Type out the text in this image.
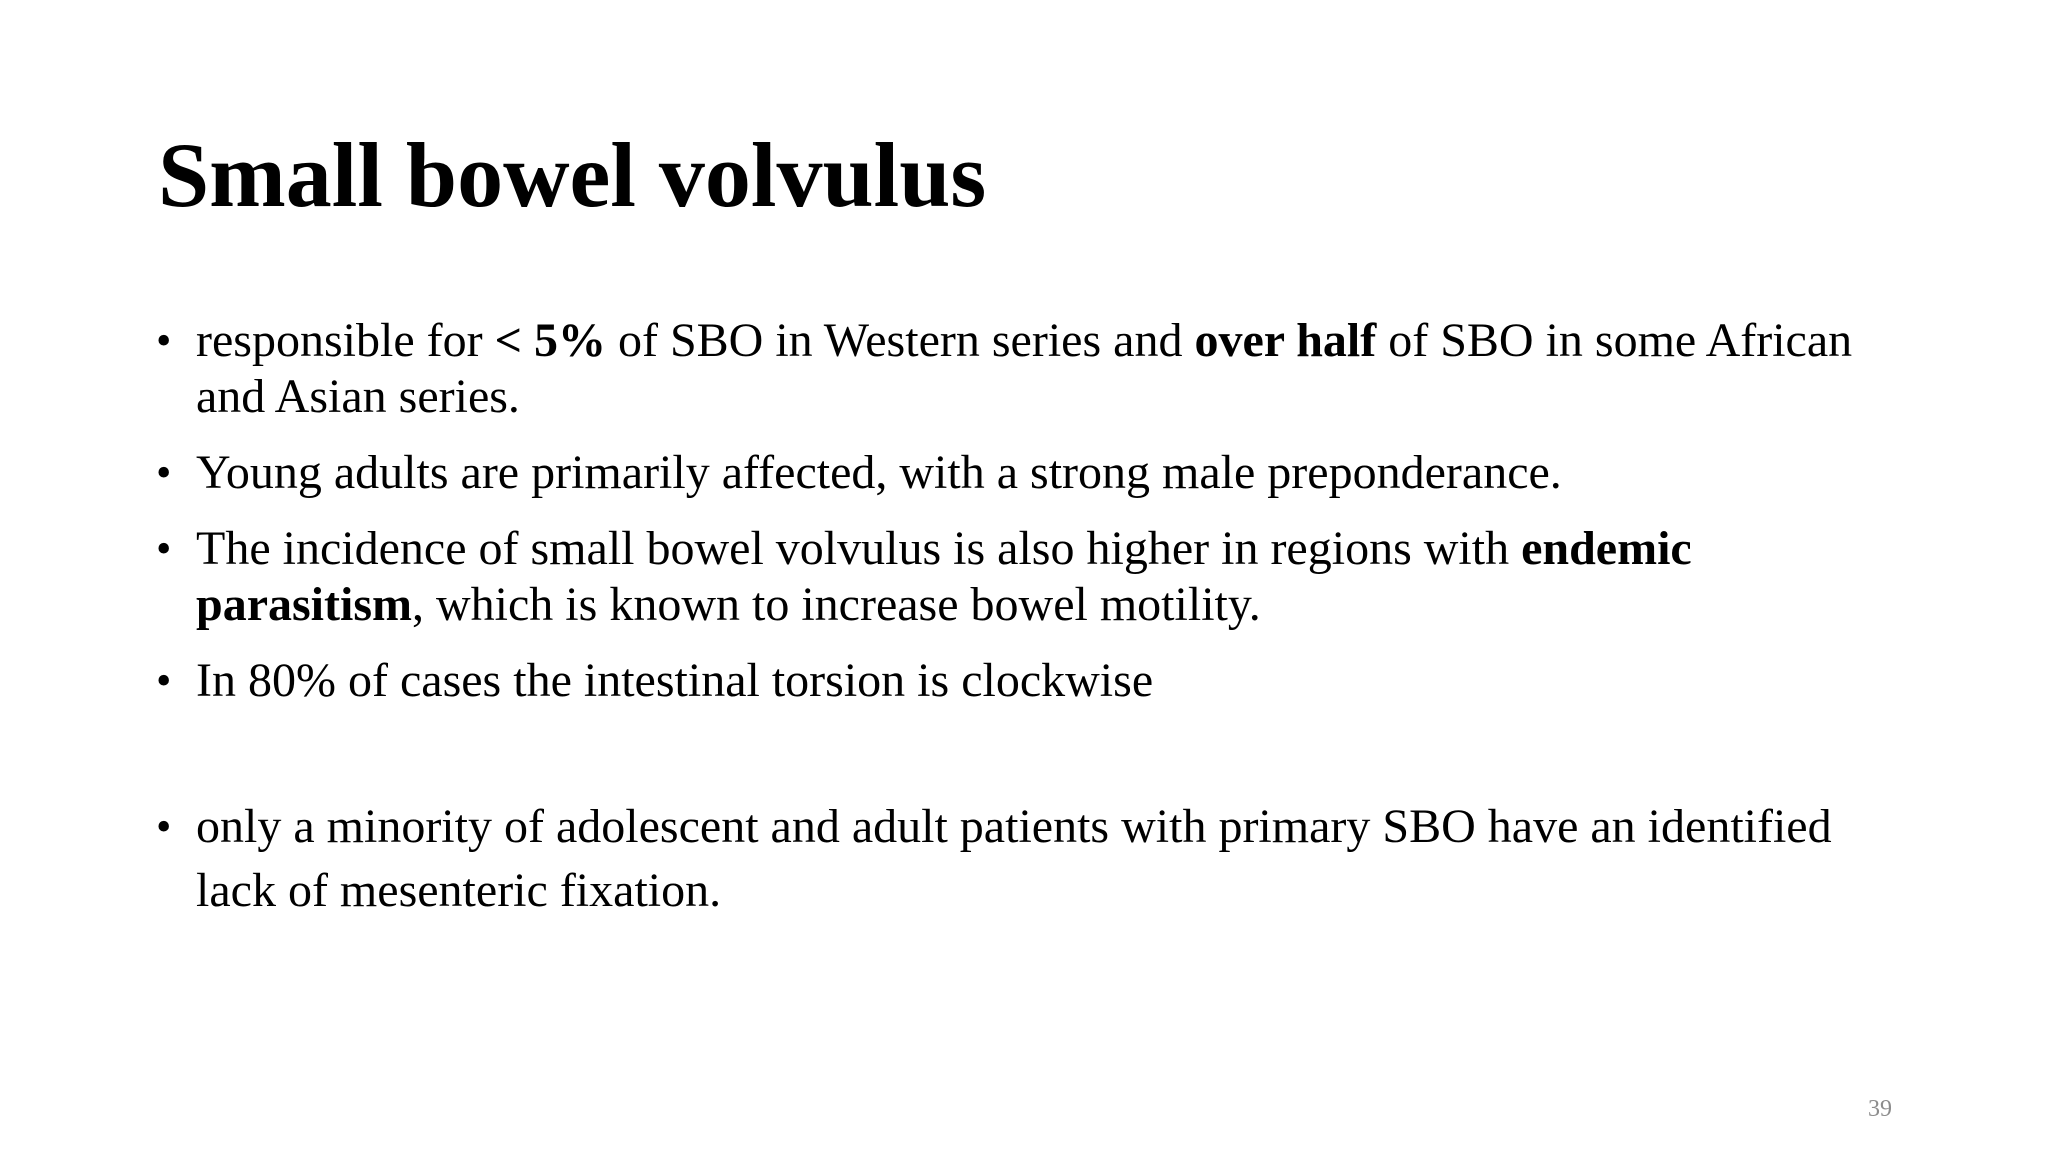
Small bowel volvulus
• responsible for < 5% of SBO in Western series and over half of SBO in some African and Asian series.
• Young adults are primarily affected, with a strong male preponderance.
• The incidence of small bowel volvulus is also higher in regions with endemic parasitism, which is known to increase bowel motility.
• In 80% of cases the intestinal torsion is clockwise
• only a minority of adolescent and adult patients with primary SBO have an identified lack of mesenteric fixation.
39
